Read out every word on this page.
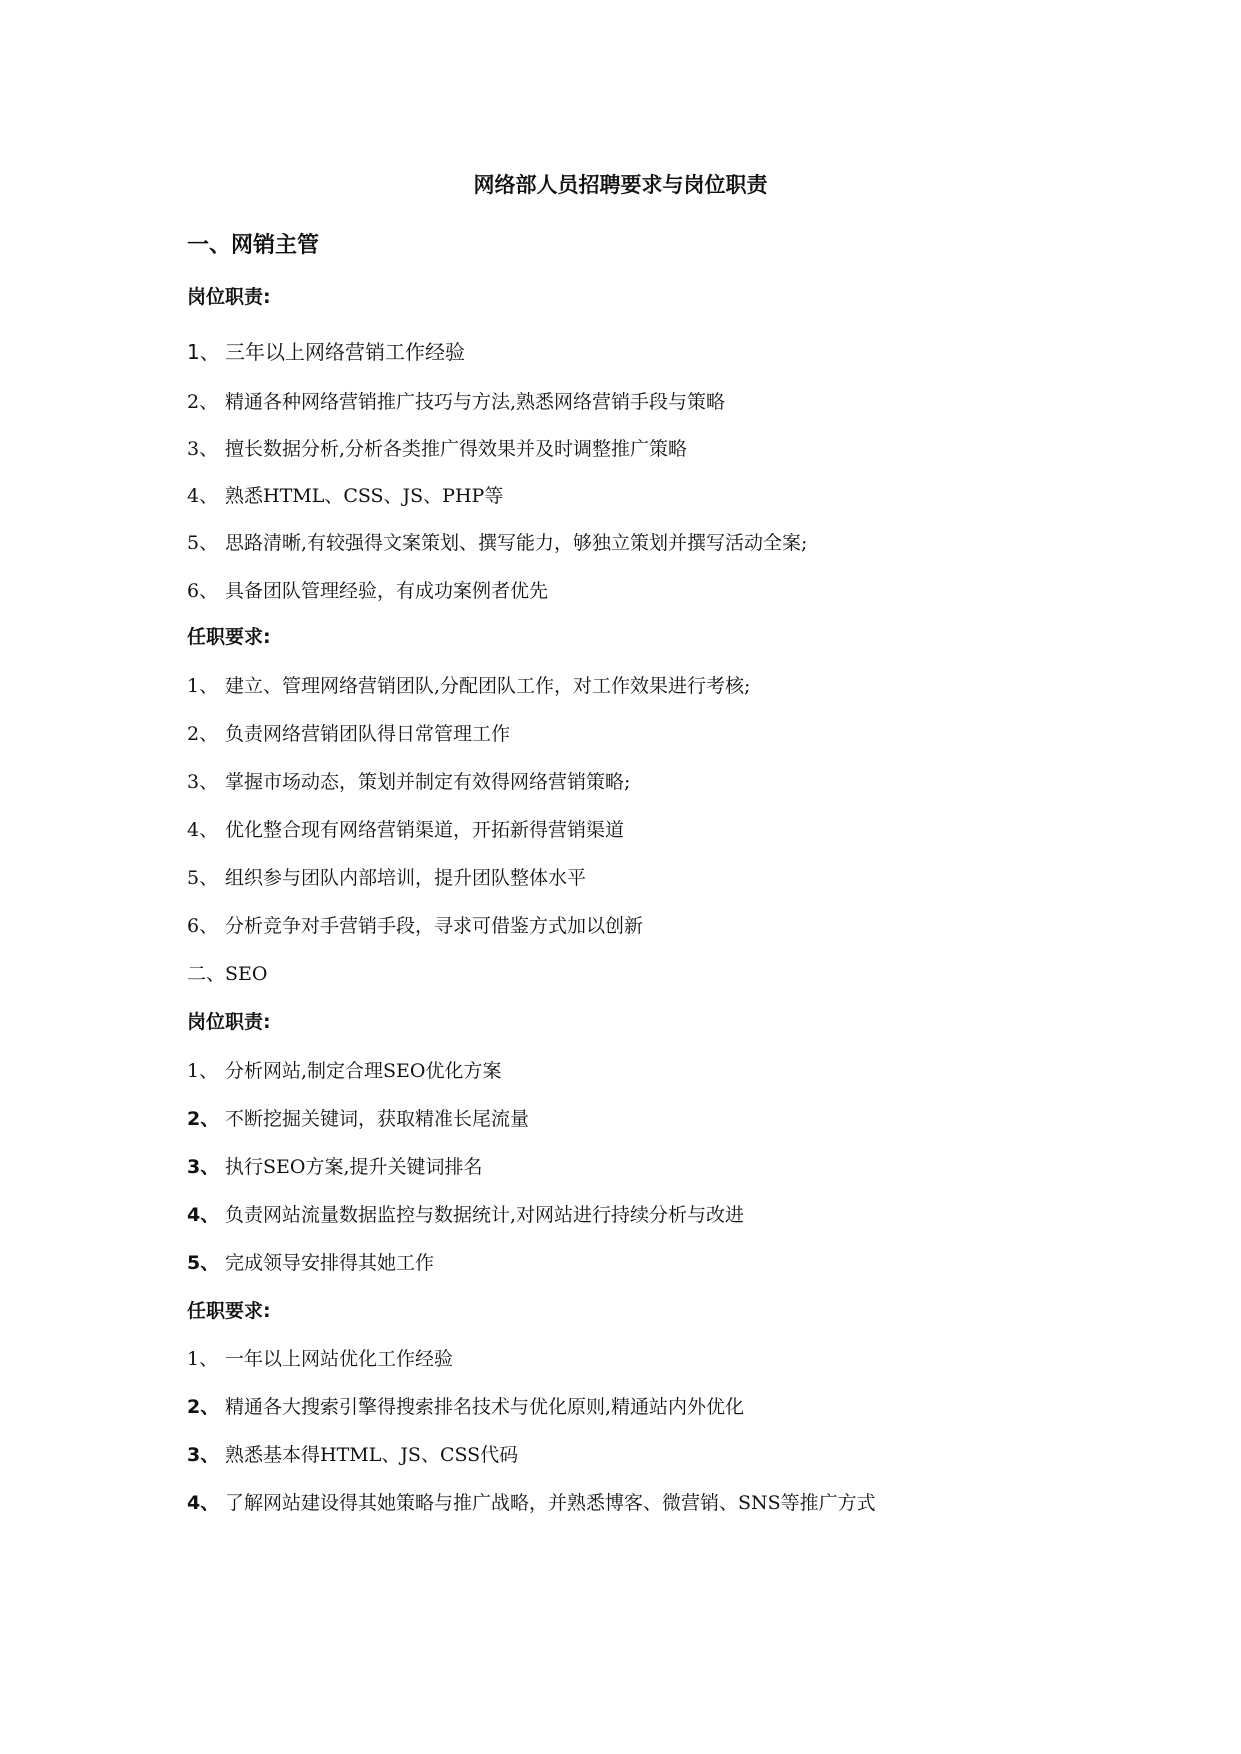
网络部人员招聘要求与岗位职责
一、网销主管
岗位职责:
1、 三年以上网络营销工作经验
2、 精通各种网络营销推广技巧与方法,熟悉网络营销手段与策略
3、 擅长数据分析,分析各类推广得效果并及时调整推广策略
4、 熟悉HTML、CSS、JS、PHP等
5、 思路清晰,有较强得文案策划、撰写能力，够独立策划并撰写活动全案;
6、 具备团队管理经验，有成功案例者优先
任职要求:
1、 建立、管理网络营销团队,分配团队工作，对工作效果进行考核;
2、 负责网络营销团队得日常管理工作
3、 掌握市场动态，策划并制定有效得网络营销策略;
4、 优化整合现有网络营销渠道，开拓新得营销渠道
5、 组织参与团队内部培训，提升团队整体水平
6、 分析竞争对手营销手段，寻求可借鉴方式加以创新
二、SEO
岗位职责:
1、 分析网站,制定合理SEO优化方案
2、 不断挖掘关键词，获取精准长尾流量
3、 执行SEO方案,提升关键词排名
4、 负责网站流量数据监控与数据统计,对网站进行持续分析与改进
5、 完成领导安排得其她工作
任职要求:
1、 一年以上网站优化工作经验
2、 精通各大搜索引擎得搜索排名技术与优化原则,精通站内外优化
3、 熟悉基本得HTML、JS、CSS代码
4、 了解网站建设得其她策略与推广战略，并熟悉博客、微营销、SNS等推广方式
